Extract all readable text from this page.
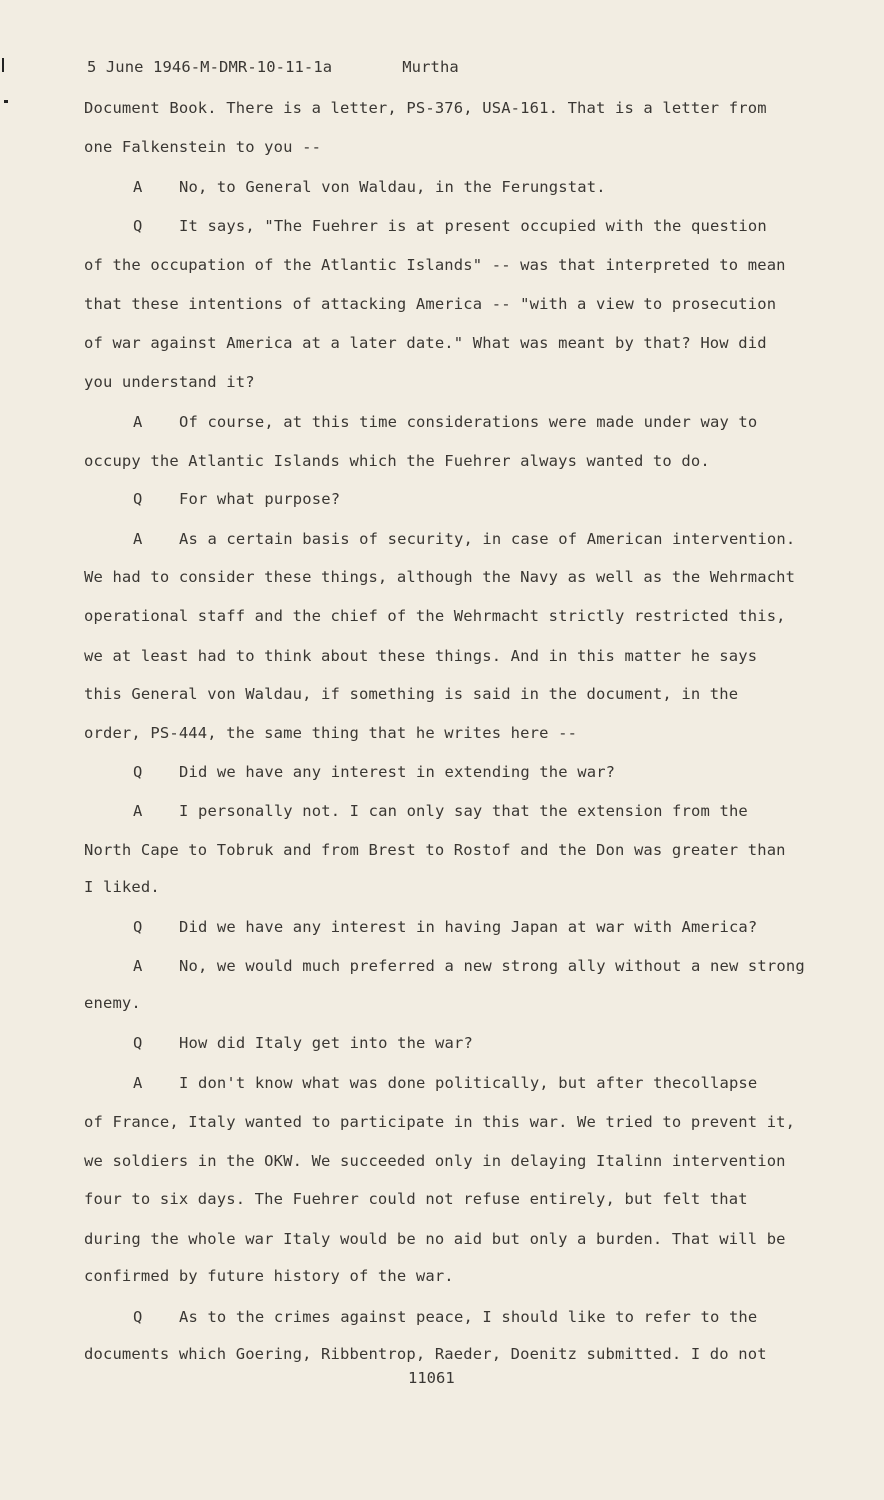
5 June 1946-M-DMR-10-11-1a	Murtha
Document Book. There is a letter, PS-376, USA-161. That is a letter from
one Falkenstein to you --
A No, to General von Waldau, in the Ferungstat.
Q It says, "The Fuehrer is at present occupied with the question
of the occupation of the Atlantic Islands" -- was that interpreted to mean
that these intentions of attacking America -- "with a view to prosecution
of war against America at a later date." What was meant by that? How did
you understand it?
A Of course, at this time considerations were made under way to
occupy the Atlantic Islands which the Fuehrer always wanted to do.
Q For what purpose?
A As a certain basis of security, in case of American intervention.
We had to consider these things, although the Navy as well as the Wehrmacht
operational staff and the chief of the Wehrmacht strictly restricted this,
we at least had to think about these things. And in this matter he says
this General von Waldau, if something is said in the document, in the
order, PS-444, the same thing that he writes here --
Q Did we have any interest in extending the war?
A I personally not. I can only say that the extension from the
North Cape to Tobruk and from Brest to Rostof and the Don was greater than
I liked.
Q Did we have any interest in having Japan at war with America?
A No, we would much preferred a new strong ally without a new strong
enemy.
Q How did Italy get into the war?
A I don't know what was done politically, but after thecollapse
of France, Italy wanted to participate in this war. We tried to prevent it,
we soldiers in the OKW. We succeeded only in delaying Italinn intervention
four to six days. The Fuehrer could not refuse entirely, but felt that
during the whole war Italy would be no aid but only a burden. That will be
confirmed by future history of the war.
Q As to the crimes against peace, I should like to refer to the
documents which Goering, Ribbentrop, Raeder, Doenitz submitted. I do not
11061
